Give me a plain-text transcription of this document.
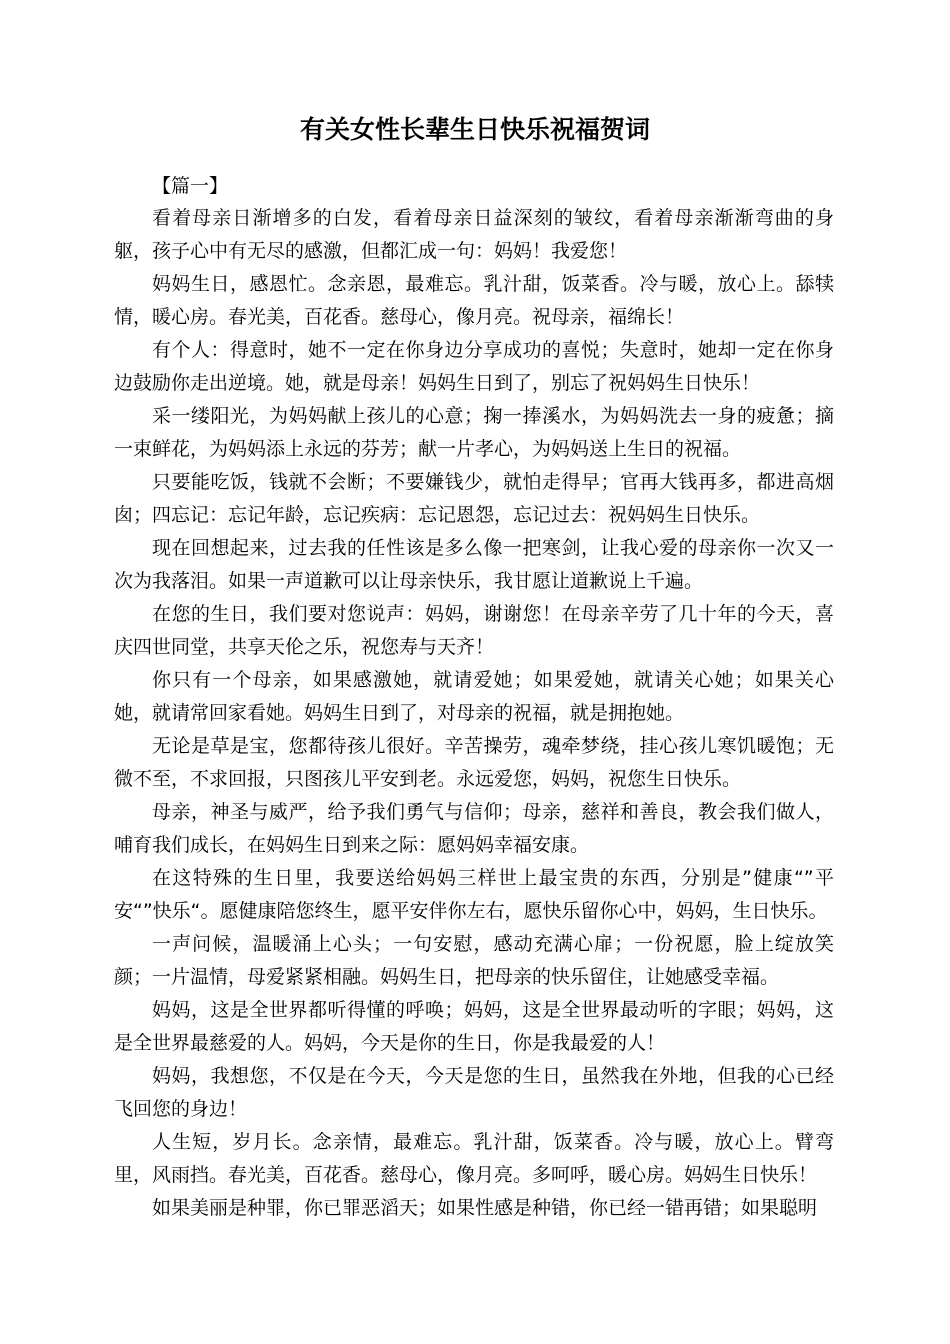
有关女性长辈生日快乐祝福贺词
【篇一】

看着母亲日渐增多的白发，看着母亲日益深刻的皱纹，看着母亲渐渐弯曲的身躯，孩子心中有无尽的感激，但都汇成一句：妈妈！我爱您！

妈妈生日，感恩忙。念亲恩，最难忘。乳汁甜，饭菜香。冷与暖，放心上。舔犊情，暖心房。春光美，百花香。慈母心，像月亮。祝母亲，福绵长！

有个人：得意时，她不一定在你身边分享成功的喜悦；失意时，她却一定在你身边鼓励你走出逆境。她，就是母亲！妈妈生日到了，别忘了祝妈妈生日快乐！

采一缕阳光，为妈妈献上孩儿的心意；掬一捧溪水，为妈妈洗去一身的疲惫；摘一束鲜花，为妈妈添上永远的芬芳；献一片孝心，为妈妈送上生日的祝福。

只要能吃饭，钱就不会断；不要嫌钱少，就怕走得早；官再大钱再多，都进高烟囱；四忘记：忘记年龄，忘记疾病：忘记恩怨，忘记过去：祝妈妈生日快乐。

现在回想起来，过去我的任性该是多么像一把寒剑，让我心爱的母亲你一次又一次为我落泪。如果一声道歉可以让母亲快乐，我甘愿让道歉说上千遍。

在您的生日，我们要对您说声：妈妈，谢谢您！在母亲辛劳了几十年的今天，喜庆四世同堂，共享天伦之乐，祝您寿与天齐！

你只有一个母亲，如果感激她，就请爱她；如果爱她，就请关心她；如果关心她，就请常回家看她。妈妈生日到了，对母亲的祝福，就是拥抱她。

无论是草是宝，您都待孩儿很好。辛苦操劳，魂牵梦绕，挂心孩儿寒饥暖饱；无微不至，不求回报，只图孩儿平安到老。永远爱您，妈妈，祝您生日快乐。

母亲，神圣与威严，给予我们勇气与信仰；母亲，慈祥和善良，教会我们做人，哺育我们成长，在妈妈生日到来之际：愿妈妈幸福安康。

在这特殊的生日里，我要送给妈妈三样世上最宝贵的东西，分别是”健康“”平安“”快乐“。愿健康陪您终生，愿平安伴你左右，愿快乐留你心中，妈妈，生日快乐。

一声问候，温暖涌上心头；一句安慰，感动充满心扉；一份祝愿，脸上绽放笑颜；一片温情，母爱紧紧相融。妈妈生日，把母亲的快乐留住，让她感受幸福。

妈妈，这是全世界都听得懂的呼唤；妈妈，这是全世界最动听的字眼；妈妈，这是全世界最慈爱的人。妈妈，今天是你的生日，你是我最爱的人！

妈妈，我想您，不仅是在今天，今天是您的生日，虽然我在外地，但我的心已经飞回您的身边！

人生短，岁月长。念亲情，最难忘。乳汁甜，饭菜香。冷与暖，放心上。臂弯里，风雨挡。春光美，百花香。慈母心，像月亮。多呵呼，暖心房。妈妈生日快乐！

如果美丽是种罪，你已罪恶滔天；如果性感是种错，你已经一错再错；如果聪明
